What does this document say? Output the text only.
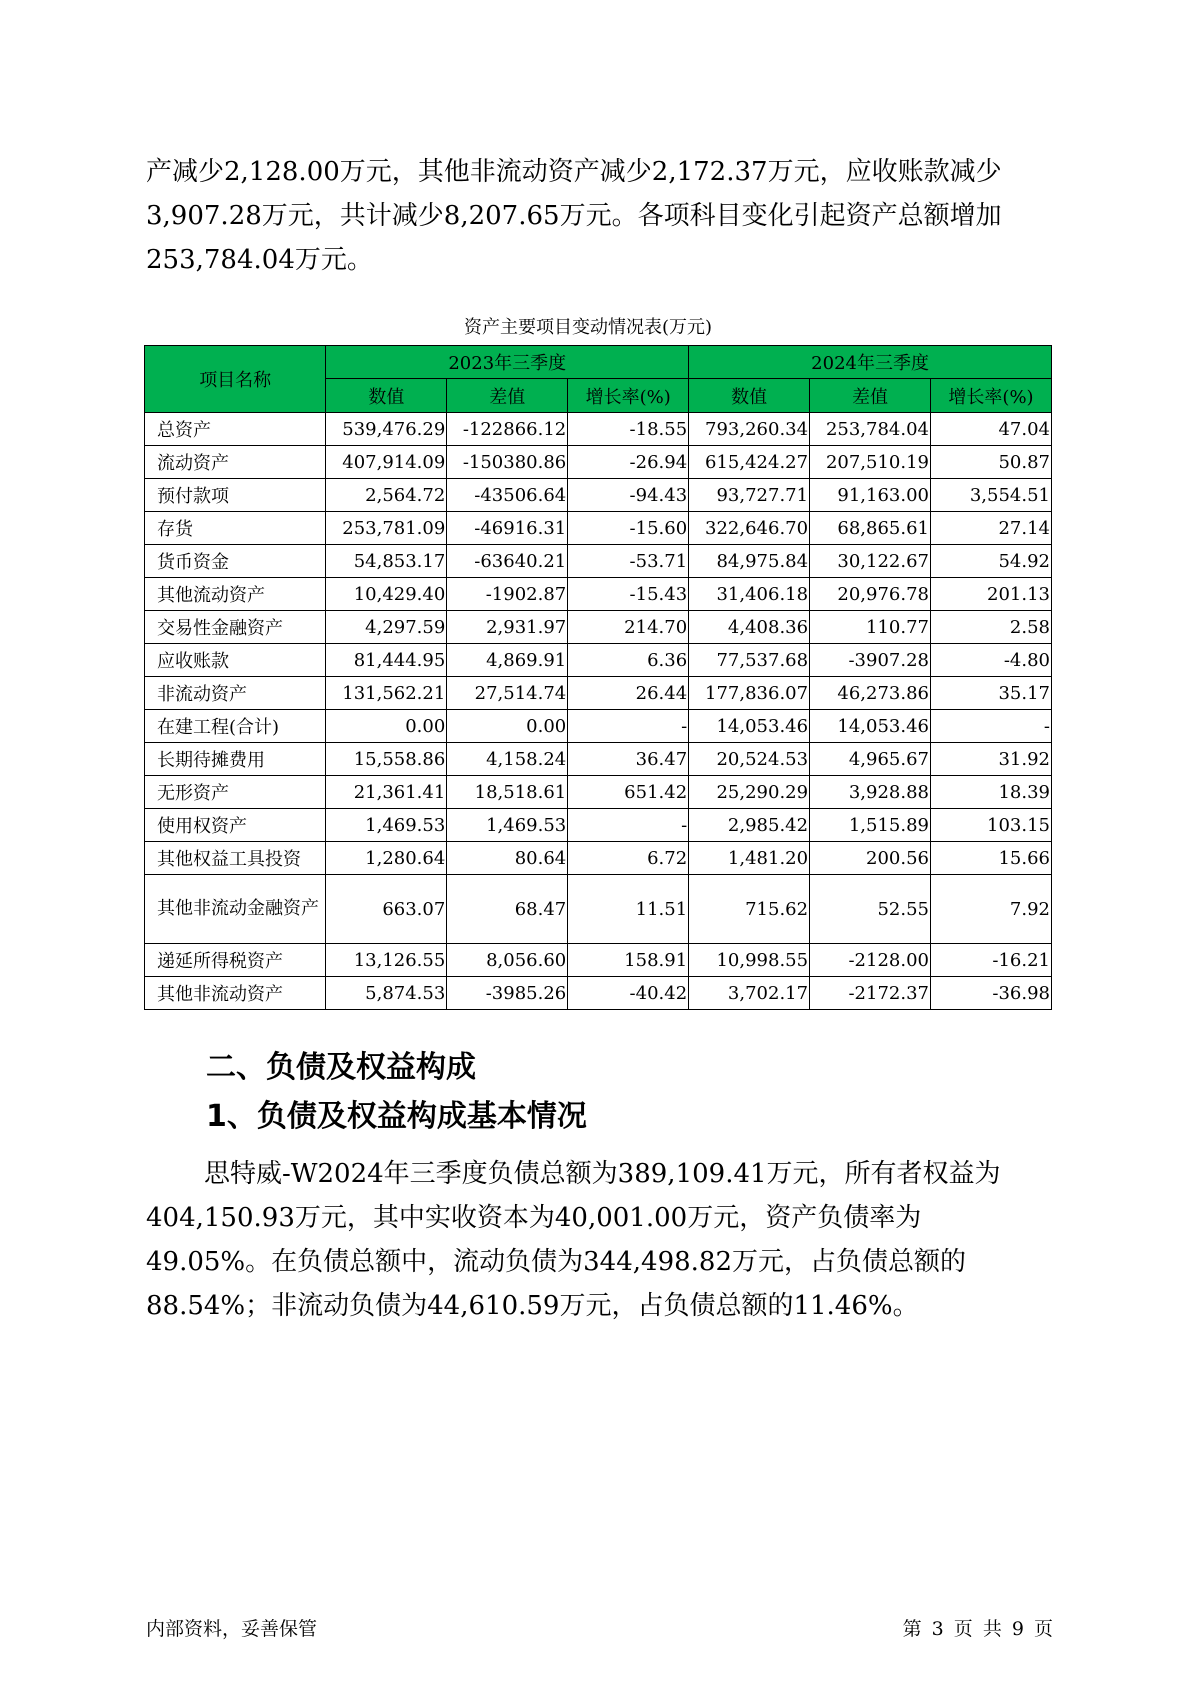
产减少2,128.00万元，其他非流动资产减少2,172.37万元，应收账款减少3,907.28万元，共计减少8,207.65万元。各项科目变化引起资产总额增加253,784.04万元。

资产主要项目变动情况表(万元)
项目名称	2023年三季度			2024年三季度		
	数值	差值	增长率(%)	数值	差值	增长率(%)
总资产	539,476.29	-122866.12	-18.55	793,260.34	253,784.04	47.04
流动资产	407,914.09	-150380.86	-26.94	615,424.27	207,510.19	50.87
预付款项	2,564.72	-43506.64	-94.43	93,727.71	91,163.00	3,554.51
存货	253,781.09	-46916.31	-15.60	322,646.70	68,865.61	27.14
货币资金	54,853.17	-63640.21	-53.71	84,975.84	30,122.67	54.92
其他流动资产	10,429.40	-1902.87	-15.43	31,406.18	20,976.78	201.13
交易性金融资产	4,297.59	2,931.97	214.70	4,408.36	110.77	2.58
应收账款	81,444.95	4,869.91	6.36	77,537.68	-3907.28	-4.80
非流动资产	131,562.21	27,514.74	26.44	177,836.07	46,273.86	35.17
在建工程(合计)	0.00	0.00	-	14,053.46	14,053.46	-
长期待摊费用	15,558.86	4,158.24	36.47	20,524.53	4,965.67	31.92
无形资产	21,361.41	18,518.61	651.42	25,290.29	3,928.88	18.39
使用权资产	1,469.53	1,469.53	-	2,985.42	1,515.89	103.15
其他权益工具投资	1,280.64	80.64	6.72	1,481.20	200.56	15.66
其他非流动金融资产	663.07	68.47	11.51	715.62	52.55	7.92
递延所得税资产	13,126.55	8,056.60	158.91	10,998.55	-2128.00	-16.21
其他非流动资产	5,874.53	-3985.26	-40.42	3,702.17	-2172.37	-36.98
二、负债及权益构成
1、负债及权益构成基本情况

思特威-W2024年三季度负债总额为389,109.41万元，所有者权益为404,150.93万元，其中实收资本为40,001.00万元，资产负债率为49.05%。在负债总额中，流动负债为344,498.82万元，占负债总额的88.54%；非流动负债为44,610.59万元，占负债总额的11.46%。

内部资料，妥善保管	第 3 页 共 9 页
